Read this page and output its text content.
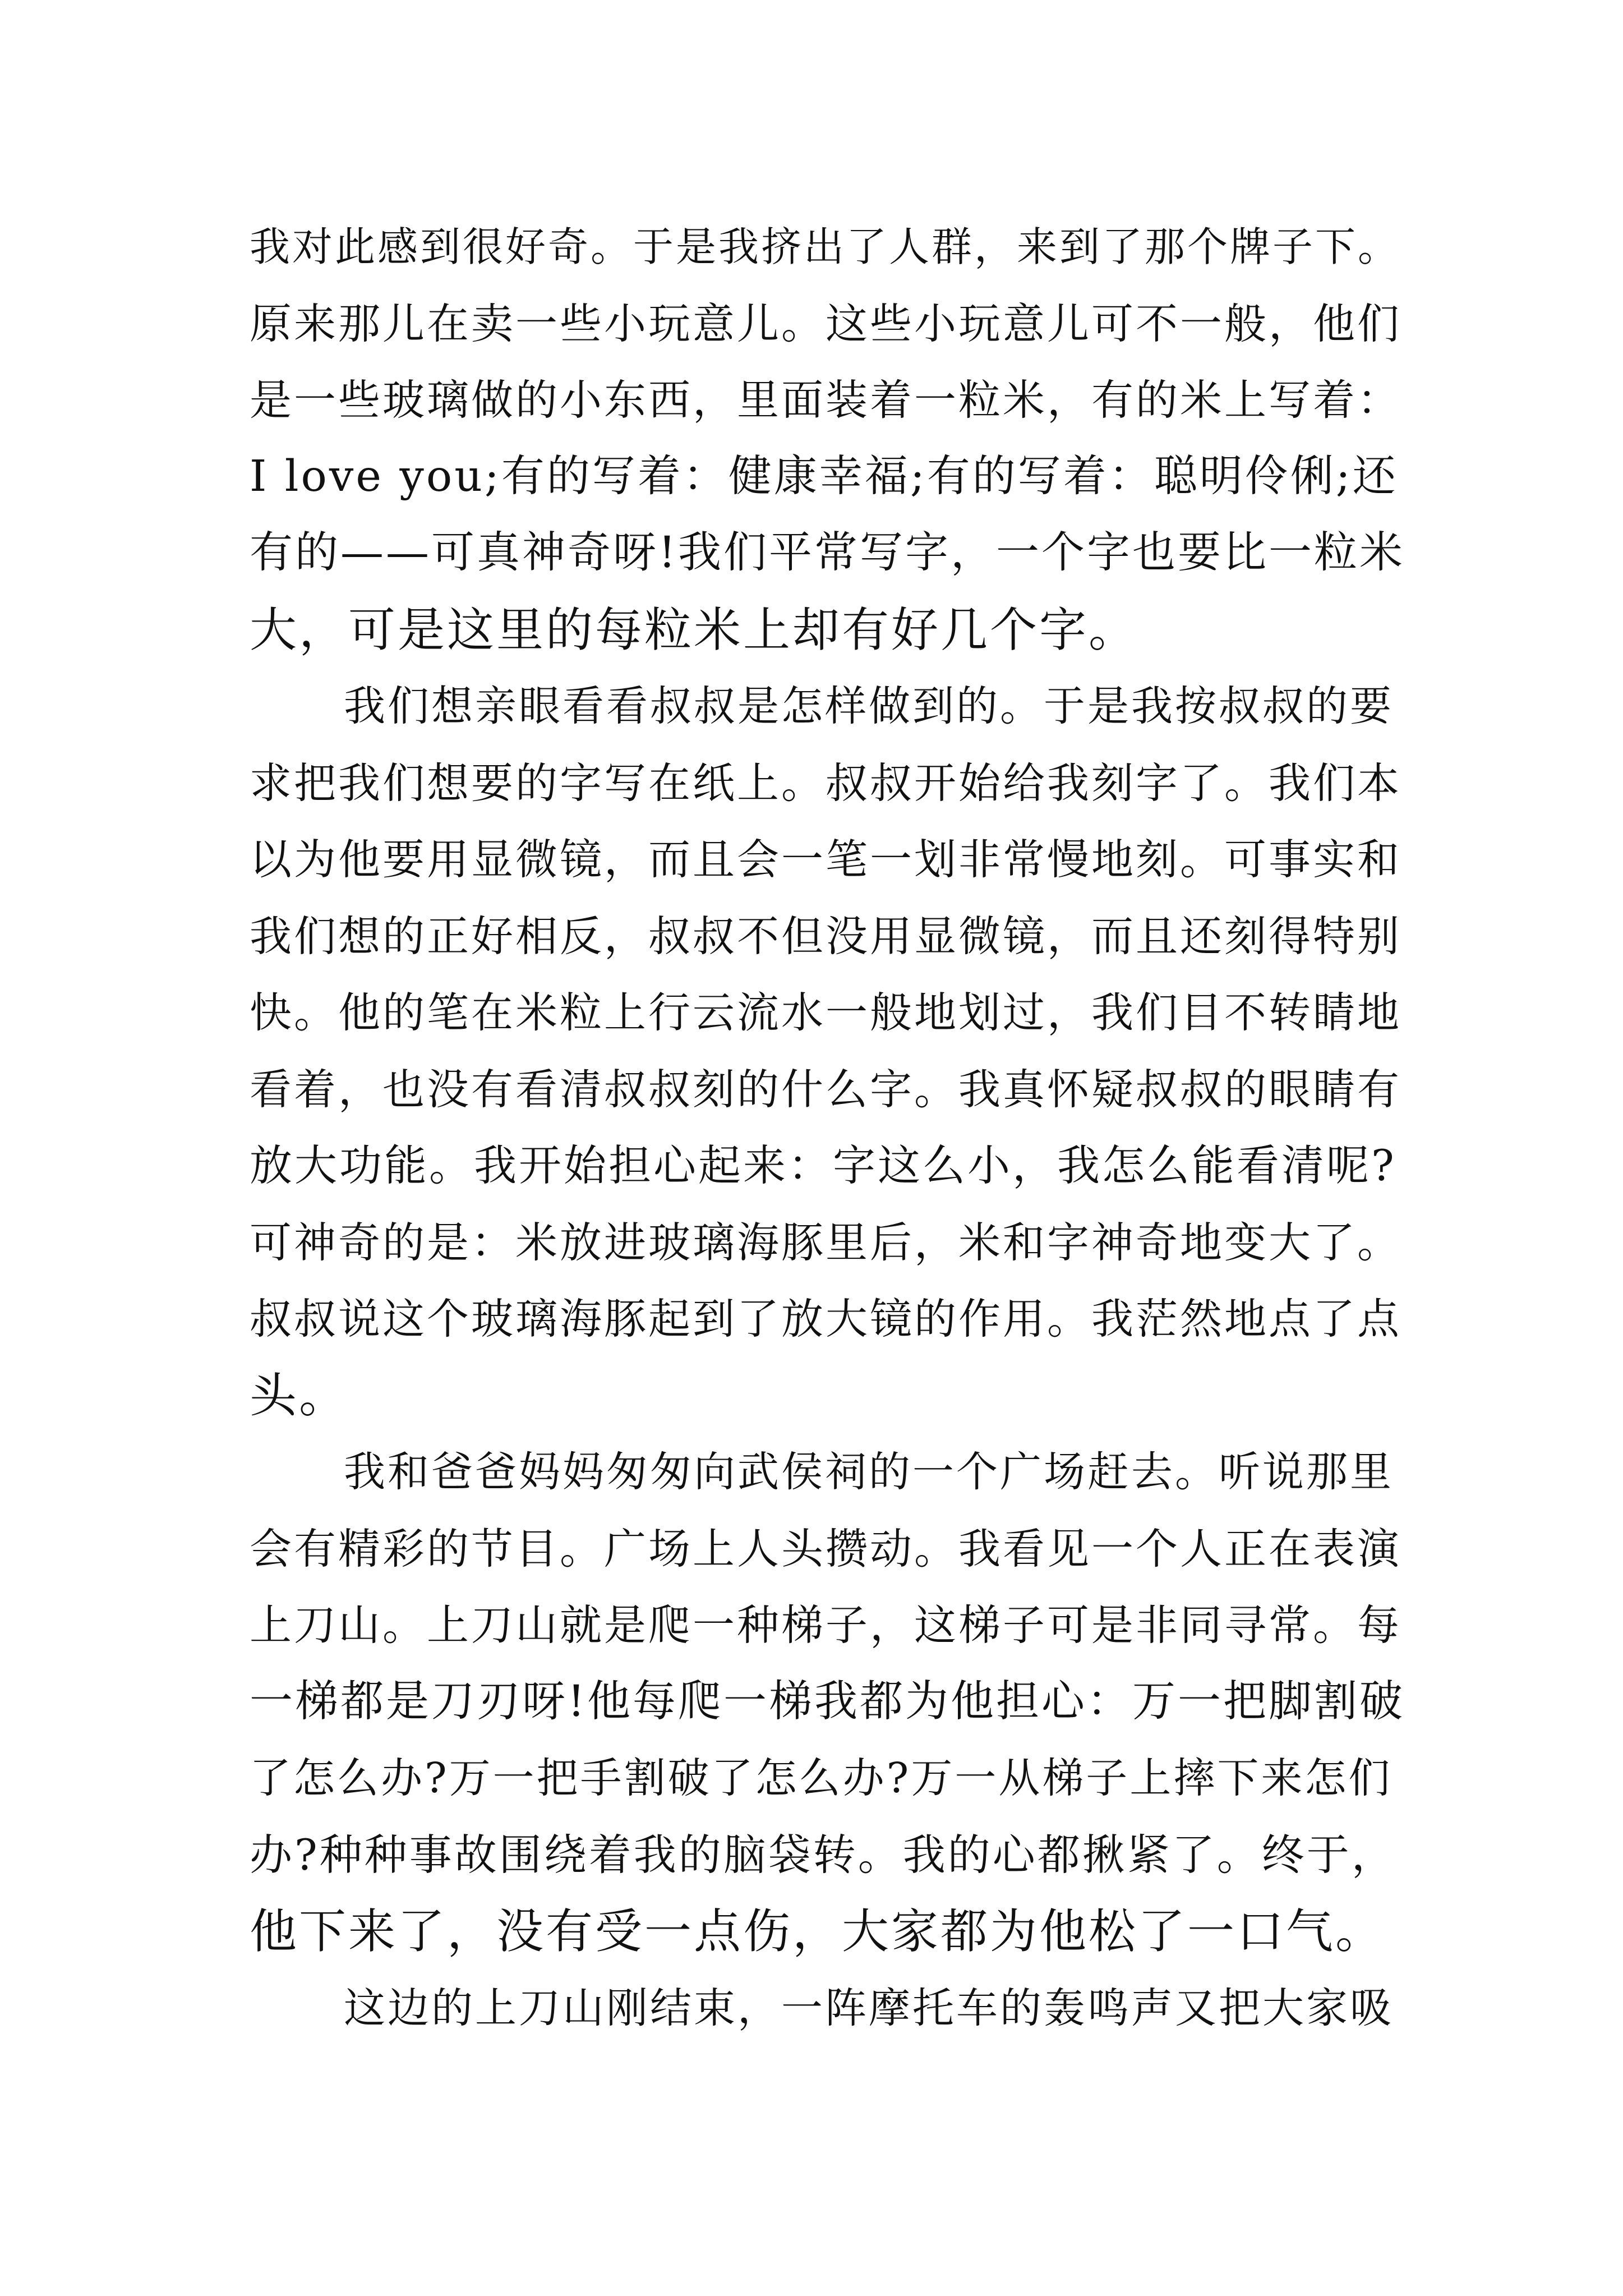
我对此感到很好奇。于是我挤出了人群，来到了那个牌子下。
原来那儿在卖一些小玩意儿。这些小玩意儿可不一般，他们
是一些玻璃做的小东西，里面装着一粒米，有的米上写着：
I love you;有的写着：健康幸福;有的写着：聪明伶俐;还
有的——可真神奇呀!我们平常写字，一个字也要比一粒米
大，可是这里的每粒米上却有好几个字。
我们想亲眼看看叔叔是怎样做到的。于是我按叔叔的要
求把我们想要的字写在纸上。叔叔开始给我刻字了。我们本
以为他要用显微镜，而且会一笔一划非常慢地刻。可事实和
我们想的正好相反，叔叔不但没用显微镜，而且还刻得特别
快。他的笔在米粒上行云流水一般地划过，我们目不转睛地
看着，也没有看清叔叔刻的什么字。我真怀疑叔叔的眼睛有
放大功能。我开始担心起来：字这么小，我怎么能看清呢?
可神奇的是：米放进玻璃海豚里后，米和字神奇地变大了。
叔叔说这个玻璃海豚起到了放大镜的作用。我茫然地点了点
头。
我和爸爸妈妈匆匆向武侯祠的一个广场赶去。听说那里
会有精彩的节目。广场上人头攒动。我看见一个人正在表演
上刀山。上刀山就是爬一种梯子，这梯子可是非同寻常。每
一梯都是刀刃呀!他每爬一梯我都为他担心：万一把脚割破
了怎么办?万一把手割破了怎么办?万一从梯子上摔下来怎们
办?种种事故围绕着我的脑袋转。我的心都揪紧了。终于，
他下来了，没有受一点伤，大家都为他松了一口气。
这边的上刀山刚结束，一阵摩托车的轰鸣声又把大家吸
